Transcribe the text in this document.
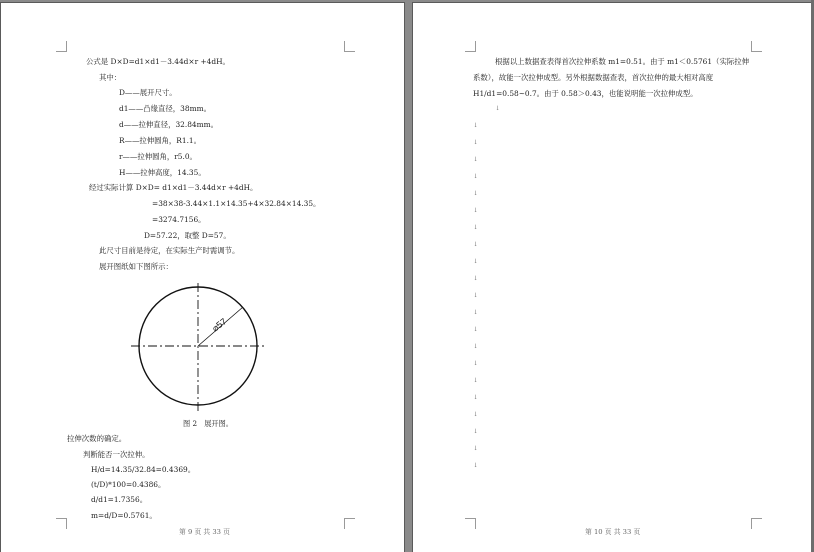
公式是 D×D=d1×d1－3.44d×r +4dH。
其中：
D——展开尺寸。
d1——凸缘直径，38mm。
d——拉伸直径，32.84mm。
R——拉伸圆角，R1.1。
r——拉伸圆角，r5.0。
H——拉伸高度，14.35。
经过实际计算 D×D= d1×d1－3.44d×r +4dH。
=38×38-3.44×1.1×14.35+4×32.84×14.35。
=3274.7156。
D=57.22，取整 D=57。
此尺寸目前是待定，在实际生产时需调节。
展开图纸如下图所示：
⌀57
图 2　展开图。
拉伸次数的确定。
判断能否一次拉伸。
H/d=14.35/32.84=0.4369。
(t/D)*100=0.4386。
d/d1=1.7356。
m=d/D=0.5761。
第 9 页 共 33 页
根据以上数据查表得首次拉伸系数 m1=0.51。由于 m1＜0.5761（实际拉伸
系数），故能一次拉伸成型。另外根据数据查表，首次拉伸的最大相对高度
H1/d1=0.58~0.7。由于 0.58＞0.43，也能说明能一次拉伸成型。
↓
↓
↓
↓
↓
↓
↓
↓
↓
↓
↓
↓
↓
↓
↓
↓
↓
↓
↓
↓
↓
↓
第 10 页 共 33 页
